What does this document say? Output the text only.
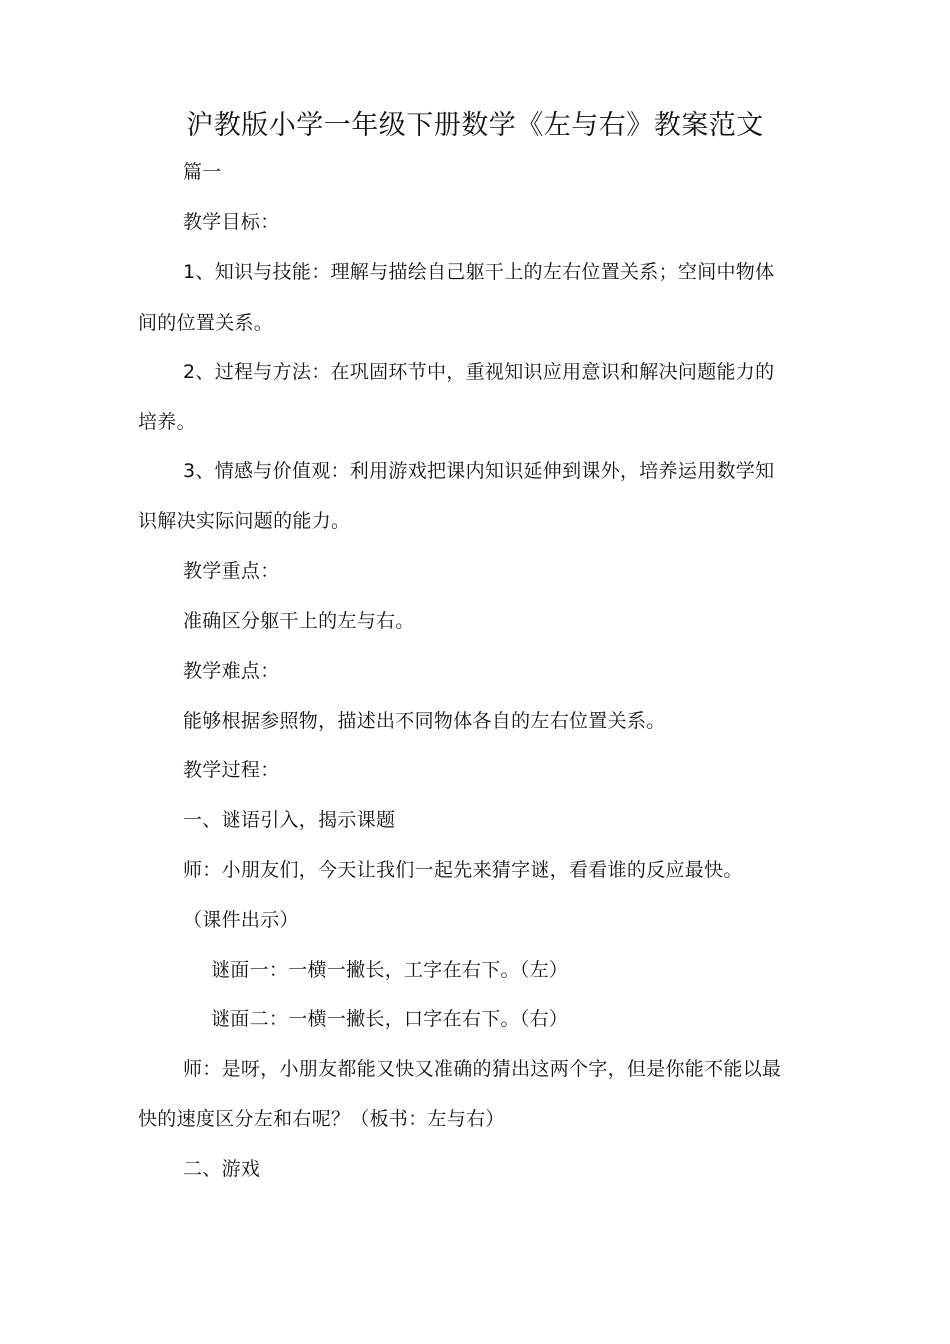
沪教版小学一年级下册数学《左与右》教案范文
篇一
教学目标：
1、知识与技能：理解与描绘自己躯干上的左右位置关系；空间中物体
间的位置关系。
2、过程与方法：在巩固环节中，重视知识应用意识和解决问题能力的
培养。
3、情感与价值观：利用游戏把课内知识延伸到课外，培养运用数学知
识解决实际问题的能力。
教学重点：
准确区分躯干上的左与右。
教学难点：
能够根据参照物，描述出不同物体各自的左右位置关系。
教学过程：
一、谜语引入，揭示课题
师：小朋友们，今天让我们一起先来猜字谜，看看谁的反应最快。
（课件出示）
谜面一：一横一撇长，工字在右下。（左）
谜面二：一横一撇长，口字在右下。（右）
师：是呀，小朋友都能又快又准确的猜出这两个字，但是你能不能以最
快的速度区分左和右呢？（板书：左与右）
二、游戏
